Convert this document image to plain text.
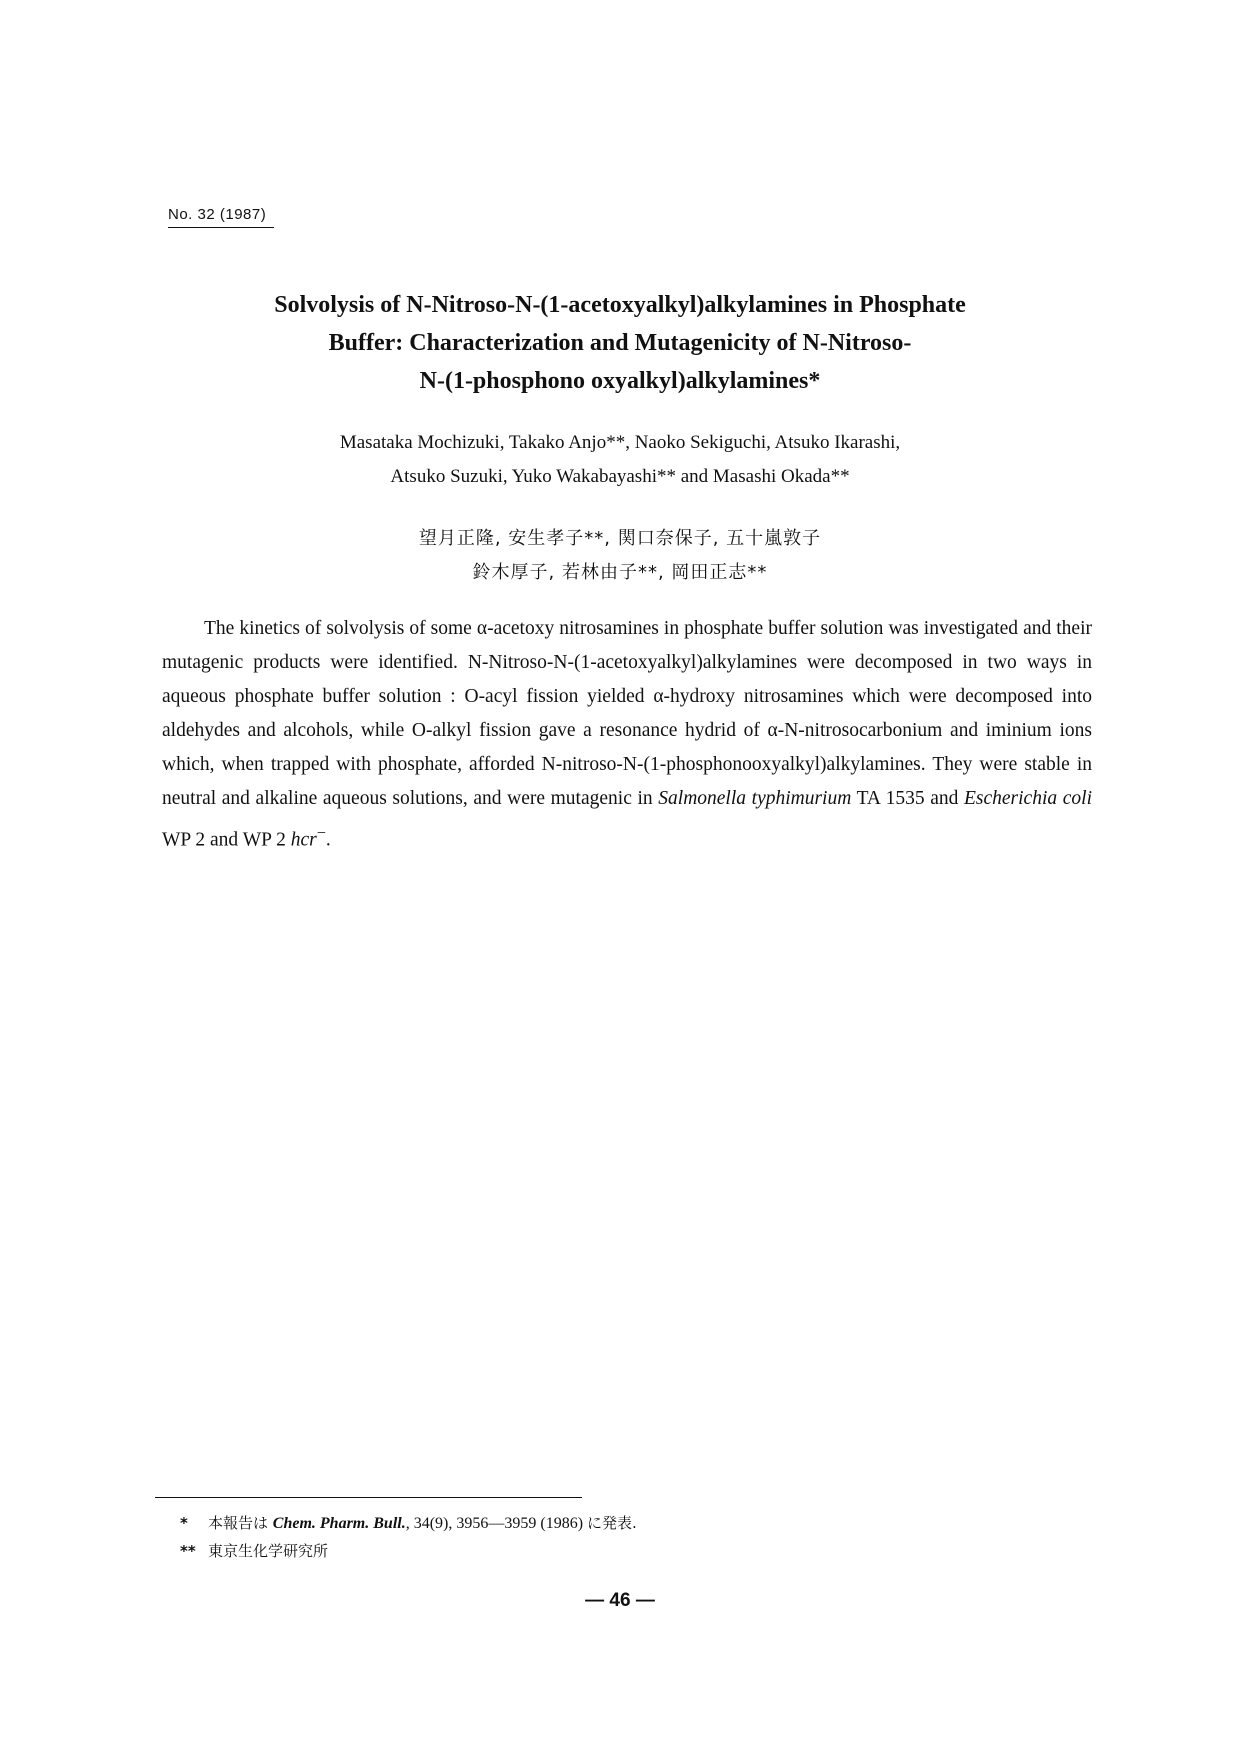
No. 32 (1987)
Solvolysis of N-Nitroso-N-(1-acetoxyalkyl)alkylamines in Phosphate
Buffer: Characterization and Mutagenicity of N-Nitroso-
N-(1-phosphono oxyalkyl)alkylamines*
Masataka Mochizuki, Takako Anjo**, Naoko Sekiguchi, Atsuko Ikarashi,
Atsuko Suzuki, Yuko Wakabayashi** and Masashi Okada**
望月正隆, 安生孝子**, 関口奈保子, 五十嵐敦子
鈴木厚子, 若林由子**, 岡田正志**

The kinetics of solvolysis of some α-acetoxy nitrosamines in phosphate buffer solution was investigated and their mutagenic products were identified. N-Nitroso-N-(1-acetoxyalkyl)alkylamines were decomposed in two ways in aqueous phosphate buffer solution : O-acyl fission yielded α-hydroxy nitrosamines which were decomposed into aldehydes and alcohols, while O-alkyl fission gave a resonance hydrid of α-N-nitrosocarbonium and iminium ions which, when trapped with phosphate, afforded N-nitroso-N-(1-phosphonooxyalkyl)alkylamines. They were stable in neutral and alkaline aqueous solutions, and were mutagenic in Salmonella typhimurium TA 1535 and Escherichia coli WP 2 and WP 2 hcr−.

* 本報告は Chem. Pharm. Bull., 34(9), 3956—3959 (1986) に発表.
** 東京生化学研究所
— 46 —
